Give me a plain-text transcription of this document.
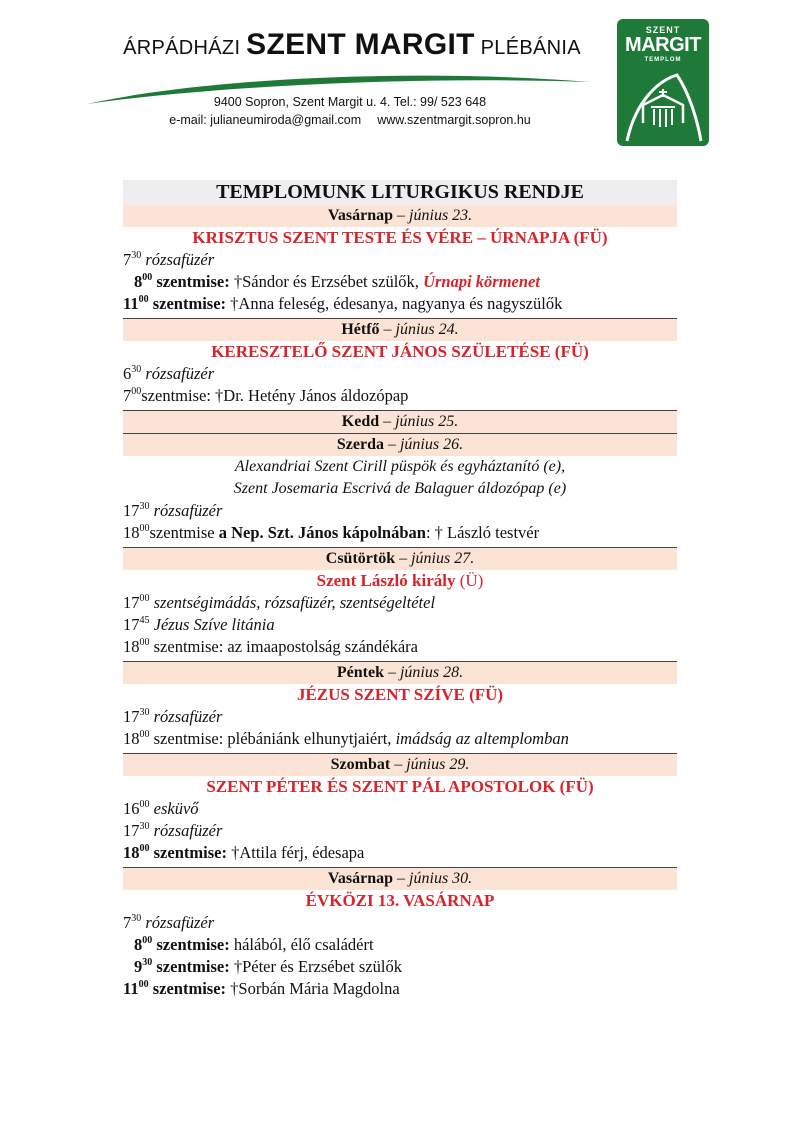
ÁRPÁDHÁZI SZENT MARGIT PLÉBÁNIA
9400 Sopron, Szent Margit u. 4. Tel.: 99/ 523 648
e-mail: julianeumiroda@gmail.com www.szentmargit.sopron.hu
SZENT
MARGIT
TEMPLOM
TEMPLOMUNK LITURGIKUS RENDJE
Vasárnap – június 23.
KRISZTUS SZENT TESTE ÉS VÉRE – ÚRNAPJA (FÜ)
$7^{30}$ rózsafüzér
$8^{00}$ szentmise: †Sándor és Erzsébet szülők, Úrnapi körmenet
$11^{00}$ szentmise: †Anna feleség, édesanya, nagyanya és nagyszülők
Hétfő – június 24.
KERESZTELŐ SZENT JÁNOS SZÜLETÉSE (FÜ)
$6^{30}$ rózsafüzér
$7^{00}szentmise$: †Dr. Hetény János áldozópap
Kedd – június 25.
Szerda – június 26.
Alexandriai Szent Cirill püspök és egyháztanító (e),
Szent Josemaria Escrivá de Balaguer áldozópap (e)
$17^{30}$ rózsafüzér
$18^{00}szentmise$ a Nep. Szt. János kápolnában: † László testvér
Csütörtök – június 27.
Szent László király (Ü)
$17^{00}$ szentségimádás, rózsafüzér, szentségeltétel
$17^{45}$ Jézus Szíve litánia
$18^{00}$ szentmise: az imaapostolság szándékára
Péntek – június 28.
JÉZUS SZENT SZÍVE (FÜ)
$17^{30}$ rózsafüzér
$18^{00}$ szentmise: plébániánk elhunytjaiért, imádság az altemplomban
Szombat – június 29.
SZENT PÉTER ÉS SZENT PÁL APOSTOLOK (FÜ)
$16^{00}$ esküvő
$17^{30}$ rózsafüzér
$18^{00}$ szentmise: †Attila férj, édesapa
Vasárnap – június 30.
ÉVKÖZI 13. VASÁRNAP
$7^{30}$ rózsafüzér
$8^{00}$ szentmise: hálából, élő családért
$9^{30}$ szentmise: †Péter és Erzsébet szülők
$11^{00}$ szentmise: †Sorbán Mária Magdolna
